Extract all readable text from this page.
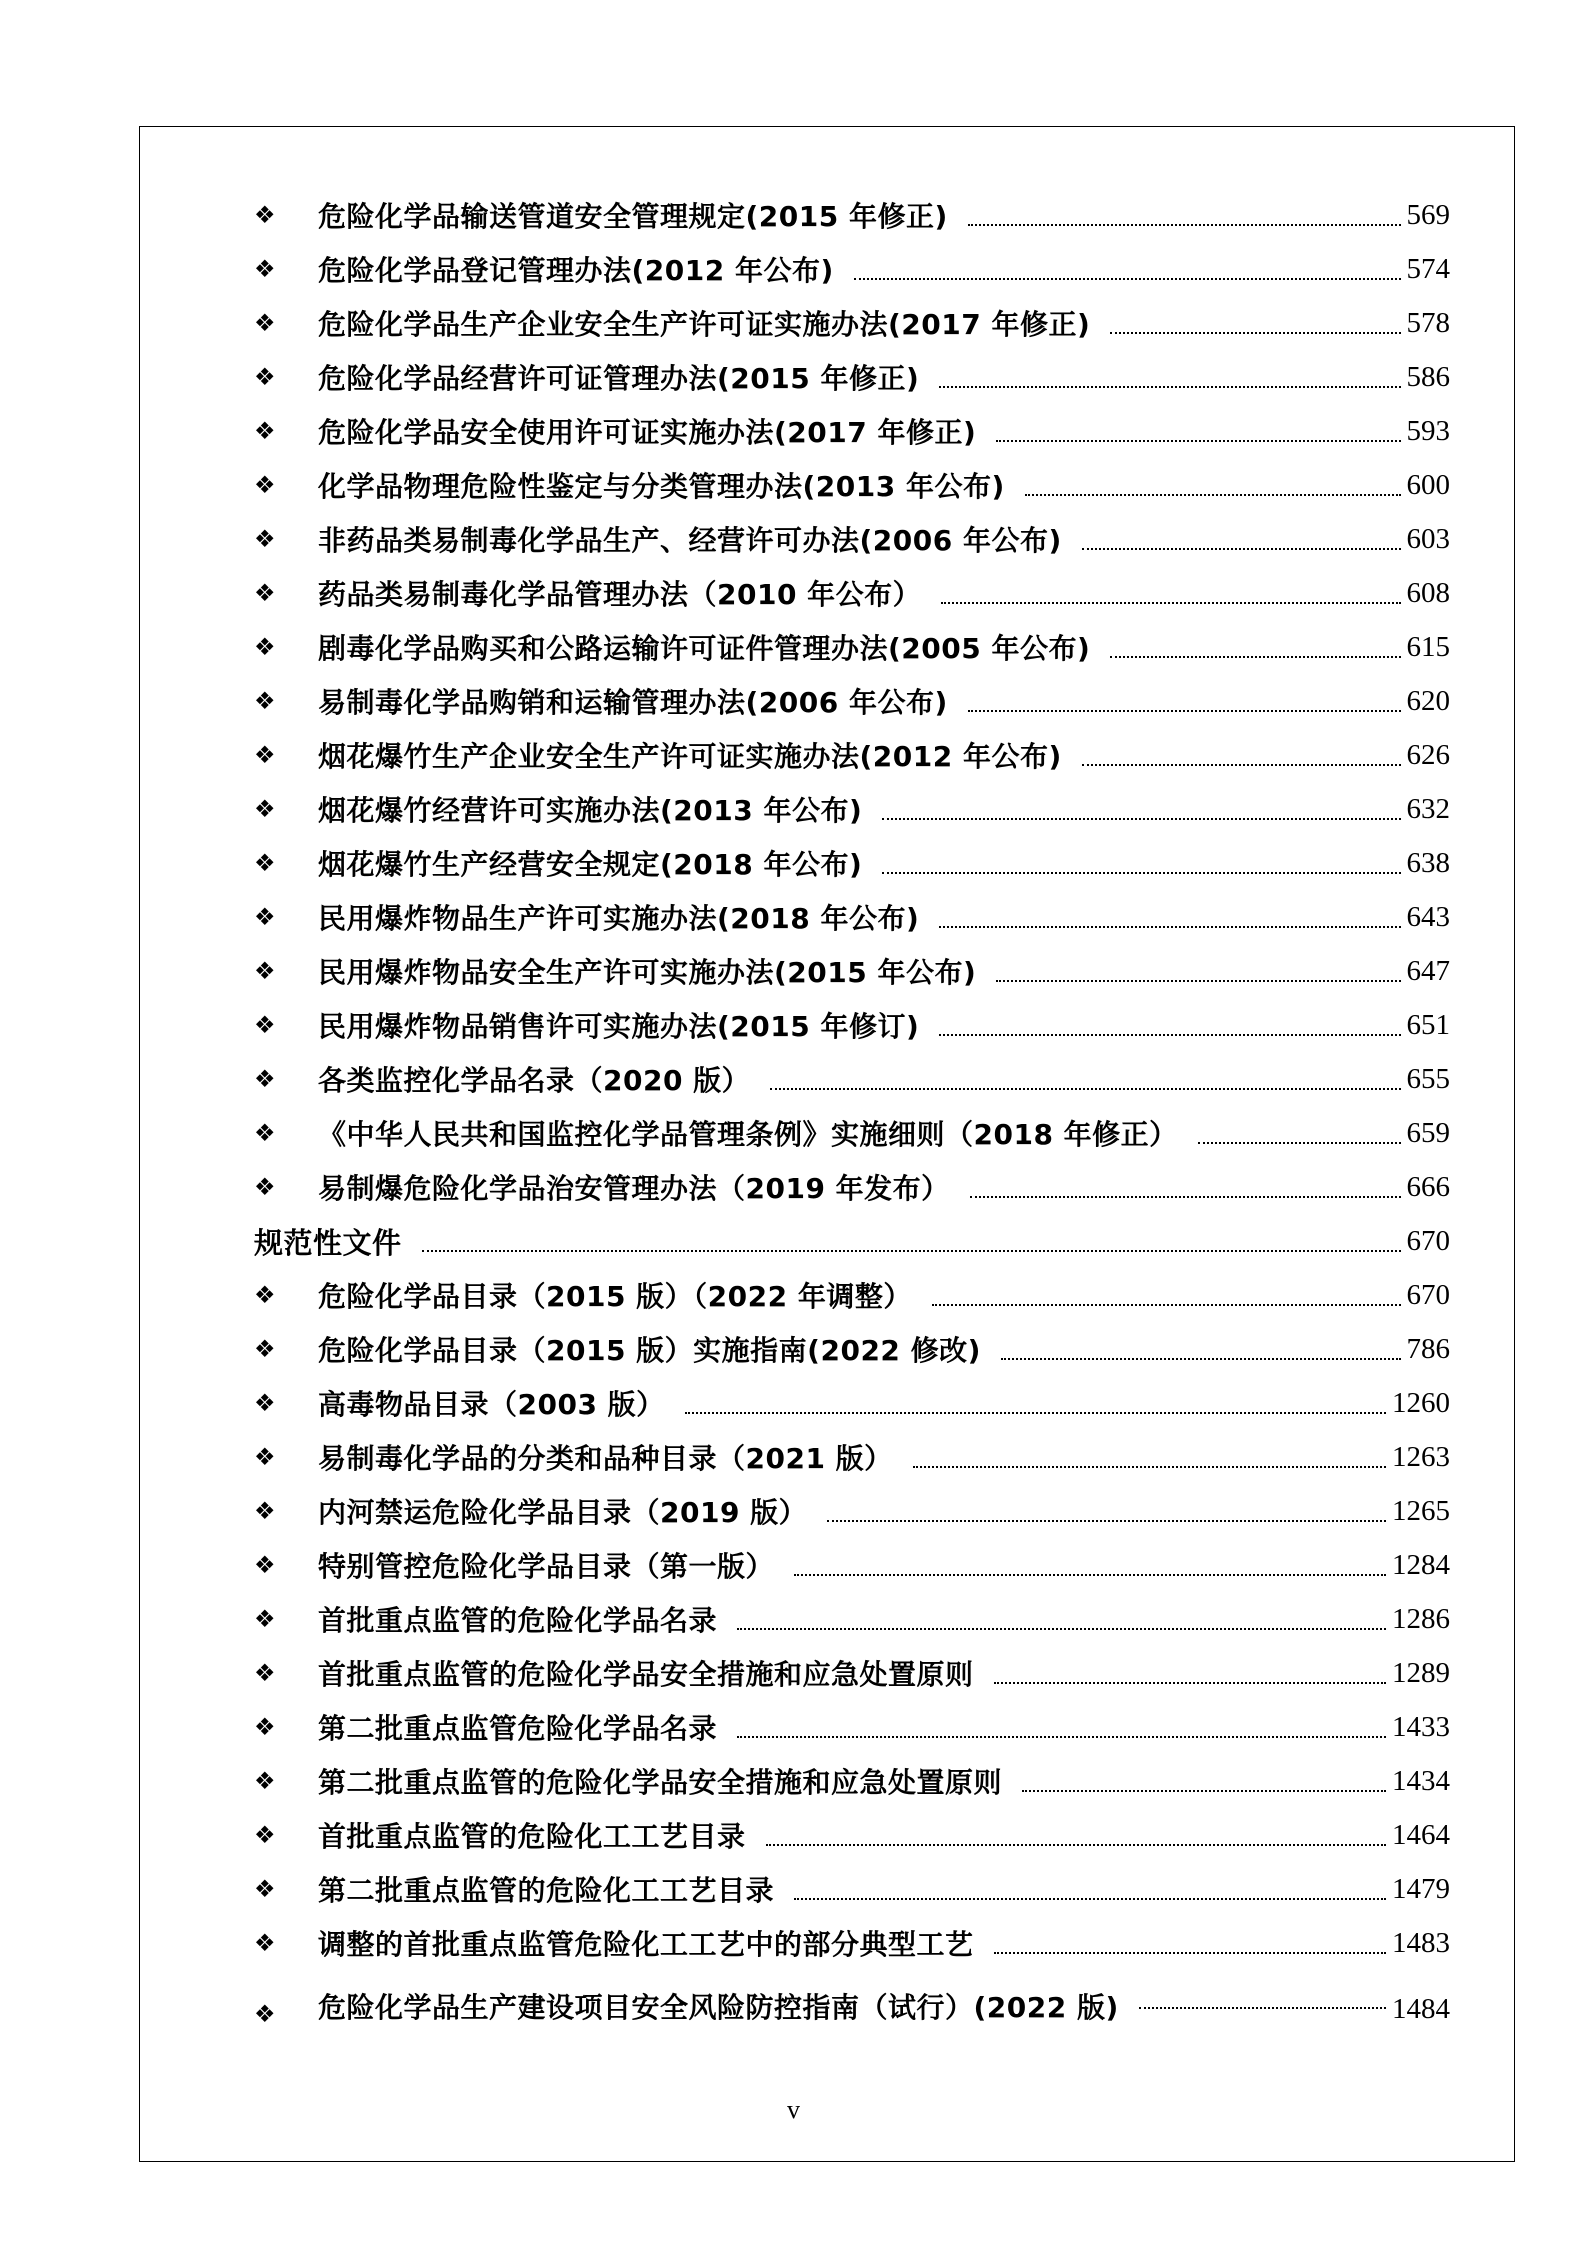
❖	危险化学品输送管道安全管理规定(2015 年修正)	569
❖	危险化学品登记管理办法(2012 年公布)	574
❖	危险化学品生产企业安全生产许可证实施办法(2017 年修正)	578
❖	危险化学品经营许可证管理办法(2015 年修正)	586
❖	危险化学品安全使用许可证实施办法(2017 年修正)	593
❖	化学品物理危险性鉴定与分类管理办法(2013 年公布)	600
❖	非药品类易制毒化学品生产、经营许可办法(2006 年公布)	603
❖	药品类易制毒化学品管理办法（2010 年公布）	608
❖	剧毒化学品购买和公路运输许可证件管理办法(2005 年公布)	615
❖	易制毒化学品购销和运输管理办法(2006 年公布)	620
❖	烟花爆竹生产企业安全生产许可证实施办法(2012 年公布)	626
❖	烟花爆竹经营许可实施办法(2013 年公布)	632
❖	烟花爆竹生产经营安全规定(2018 年公布)	638
❖	民用爆炸物品生产许可实施办法(2018 年公布)	643
❖	民用爆炸物品安全生产许可实施办法(2015 年公布)	647
❖	民用爆炸物品销售许可实施办法(2015 年修订)	651
❖	各类监控化学品名录（2020 版）	655
❖	《中华人民共和国监控化学品管理条例》实施细则（2018 年修正）	659
❖	易制爆危险化学品治安管理办法（2019 年发布）	666
规范性文件	670
❖	危险化学品目录（2015 版）（2022 年调整）	670
❖	危险化学品目录（2015 版）实施指南(2022 修改)	786
❖	高毒物品目录（2003 版）	1260
❖	易制毒化学品的分类和品种目录（2021 版）	1263
❖	内河禁运危险化学品目录（2019 版）	1265
❖	特别管控危险化学品目录（第一版）	1284
❖	首批重点监管的危险化学品名录	1286
❖	首批重点监管的危险化学品安全措施和应急处置原则	1289
❖	第二批重点监管危险化学品名录	1433
❖	第二批重点监管的危险化学品安全措施和应急处置原则	1434
❖	首批重点监管的危险化工工艺目录	1464
❖	第二批重点监管的危险化工工艺目录	1479
❖	调整的首批重点监管危险化工工艺中的部分典型工艺	1483
❖	危险化学品生产建设项目安全风险防控指南（试行）(2022 版)	1484
v
